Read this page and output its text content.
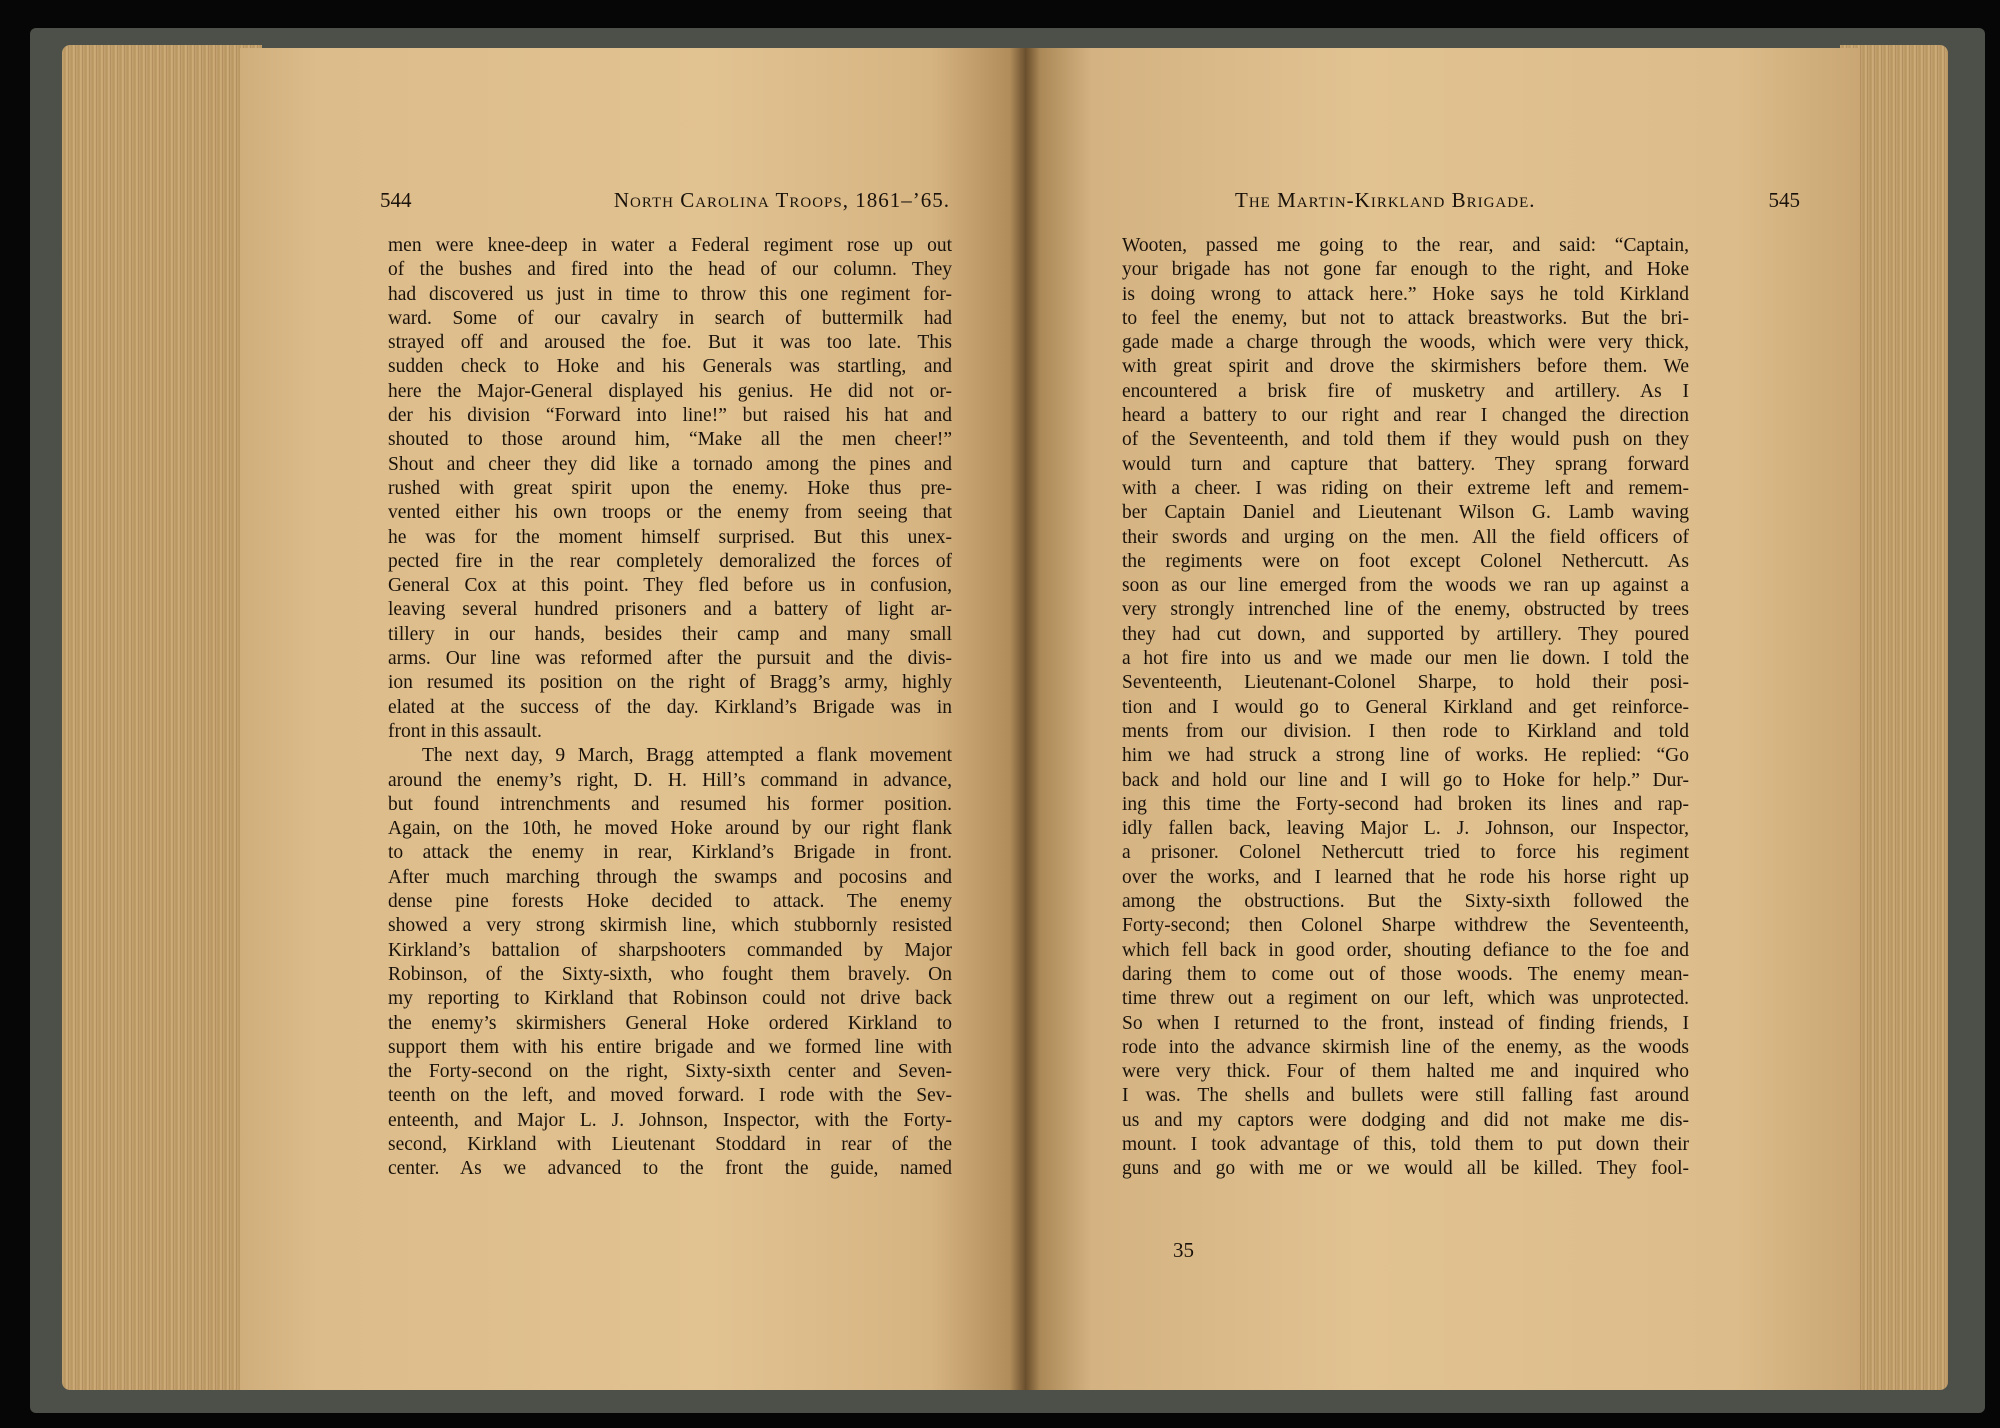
544	North Carolina Troops, 1861–’65.
men were knee-deep in water a Federal regiment rose up out
of the bushes and fired into the head of our column. They
had discovered us just in time to throw this one regiment for-
ward. Some of our cavalry in search of buttermilk had
strayed off and aroused the foe. But it was too late. This
sudden check to Hoke and his Generals was startling, and
here the Major-General displayed his genius. He did not or-
der his division “Forward into line!” but raised his hat and
shouted to those around him, “Make all the men cheer!”
Shout and cheer they did like a tornado among the pines and
rushed with great spirit upon the enemy. Hoke thus pre-
vented either his own troops or the enemy from seeing that
he was for the moment himself surprised. But this unex-
pected fire in the rear completely demoralized the forces of
General Cox at this point. They fled before us in confusion,
leaving several hundred prisoners and a battery of light ar-
tillery in our hands, besides their camp and many small
arms. Our line was reformed after the pursuit and the divis-
ion resumed its position on the right of Bragg’s army, highly
elated at the success of the day. Kirkland’s Brigade was in
front in this assault.
The next day, 9 March, Bragg attempted a flank movement
around the enemy’s right, D. H. Hill’s command in advance,
but found intrenchments and resumed his former position.
Again, on the 10th, he moved Hoke around by our right flank
to attack the enemy in rear, Kirkland’s Brigade in front.
After much marching through the swamps and pocosins and
dense pine forests Hoke decided to attack. The enemy
showed a very strong skirmish line, which stubbornly resisted
Kirkland’s battalion of sharpshooters commanded by Major
Robinson, of the Sixty-sixth, who fought them bravely. On
my reporting to Kirkland that Robinson could not drive back
the enemy’s skirmishers General Hoke ordered Kirkland to
support them with his entire brigade and we formed line with
the Forty-second on the right, Sixty-sixth center and Seven-
teenth on the left, and moved forward. I rode with the Sev-
enteenth, and Major L. J. Johnson, Inspector, with the Forty-
second, Kirkland with Lieutenant Stoddard in rear of the
center. As we advanced to the front the guide, named
The Martin-Kirkland Brigade.	545
Wooten, passed me going to the rear, and said: “Captain,
your brigade has not gone far enough to the right, and Hoke
is doing wrong to attack here.” Hoke says he told Kirkland
to feel the enemy, but not to attack breastworks. But the bri-
gade made a charge through the woods, which were very thick,
with great spirit and drove the skirmishers before them. We
encountered a brisk fire of musketry and artillery. As I
heard a battery to our right and rear I changed the direction
of the Seventeenth, and told them if they would push on they
would turn and capture that battery. They sprang forward
with a cheer. I was riding on their extreme left and remem-
ber Captain Daniel and Lieutenant Wilson G. Lamb waving
their swords and urging on the men. All the field officers of
the regiments were on foot except Colonel Nethercutt. As
soon as our line emerged from the woods we ran up against a
very strongly intrenched line of the enemy, obstructed by trees
they had cut down, and supported by artillery. They poured
a hot fire into us and we made our men lie down. I told the
Seventeenth, Lieutenant-Colonel Sharpe, to hold their posi-
tion and I would go to General Kirkland and get reinforce-
ments from our division. I then rode to Kirkland and told
him we had struck a strong line of works. He replied: “Go
back and hold our line and I will go to Hoke for help.” Dur-
ing this time the Forty-second had broken its lines and rap-
idly fallen back, leaving Major L. J. Johnson, our Inspector,
a prisoner. Colonel Nethercutt tried to force his regiment
over the works, and I learned that he rode his horse right up
among the obstructions. But the Sixty-sixth followed the
Forty-second; then Colonel Sharpe withdrew the Seventeenth,
which fell back in good order, shouting defiance to the foe and
daring them to come out of those woods. The enemy mean-
time threw out a regiment on our left, which was unprotected.
So when I returned to the front, instead of finding friends, I
rode into the advance skirmish line of the enemy, as the woods
were very thick. Four of them halted me and inquired who
I was. The shells and bullets were still falling fast around
us and my captors were dodging and did not make me dis-
mount. I took advantage of this, told them to put down their
guns and go with me or we would all be killed. They fool-
35
